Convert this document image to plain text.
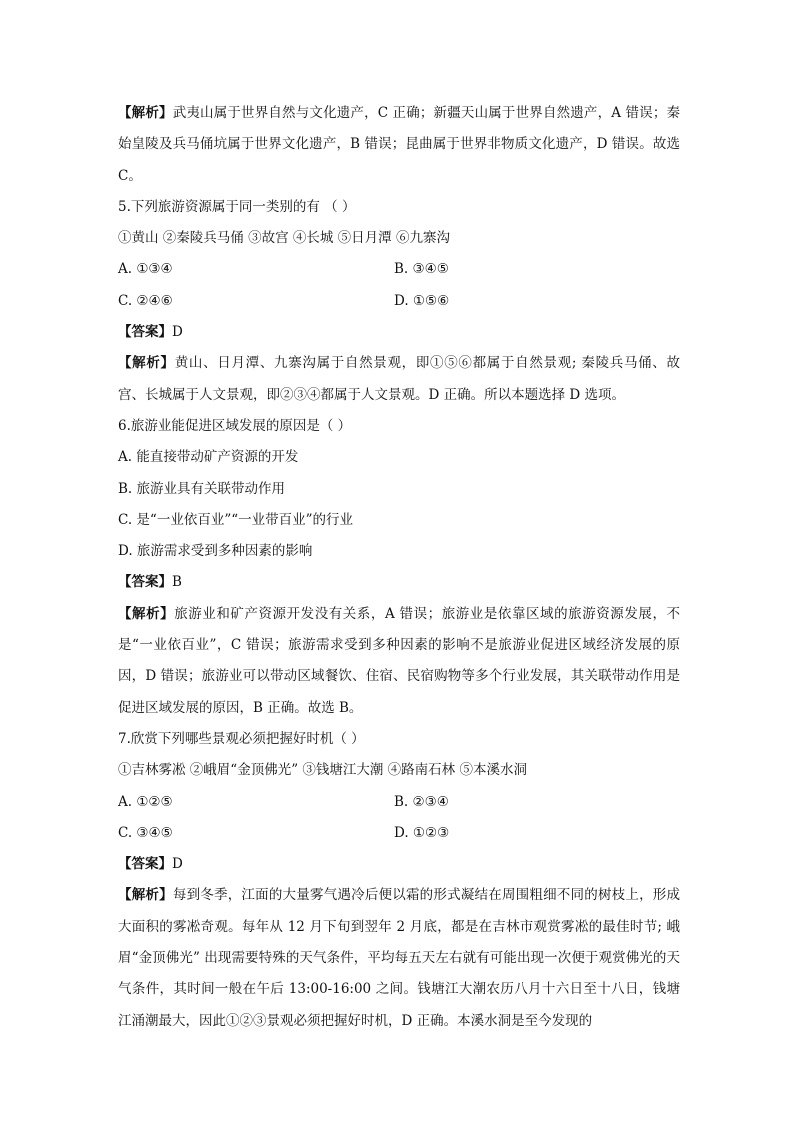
【解析】武夷山属于世界自然与文化遗产，C 正确；新疆天山属于世界自然遗产，A 错误；秦始皇陵及兵马俑坑属于世界文化遗产，B 错误；昆曲属于世界非物质文化遗产，D 错误。故选 C。
5.下列旅游资源属于同一类别的有 （ ）
①黄山 ②秦陵兵马俑 ③故宫 ④长城 ⑤日月潭 ⑥九寨沟
A. ①③④	B. ③④⑤
C. ②④⑥	D. ①⑤⑥
【答案】D
【解析】黄山、日月潭、九寨沟属于自然景观，即①⑤⑥都属于自然景观; 秦陵兵马俑、故宫、长城属于人文景观，即②③④都属于人文景观。D 正确。所以本题选择 D 选项。
6.旅游业能促进区域发展的原因是（ ）
A. 能直接带动矿产资源的开发
B. 旅游业具有关联带动作用
C. 是“一业依百业”“一业带百业”的行业
D. 旅游需求受到多种因素的影响
【答案】B
【解析】旅游业和矿产资源开发没有关系，A 错误；旅游业是依靠区域的旅游资源发展，不是“一业依百业”，C 错误；旅游需求受到多种因素的影响不是旅游业促进区域经济发展的原因，D 错误；旅游业可以带动区域餐饮、住宿、民宿购物等多个行业发展，其关联带动作用是促进区域发展的原因，B 正确。故选 B。
7.欣赏下列哪些景观必须把握好时机（ ）
①吉林雾凇 ②峨眉“金顶佛光” ③钱塘江大潮 ④路南石林 ⑤本溪水洞
A. ①②⑤	B. ②③④
C. ③④⑤	D. ①②③
【答案】D
【解析】每到冬季，江面的大量雾气遇冷后便以霜的形式凝结在周围粗细不同的树枝上，形成大面积的雾凇奇观。每年从 12 月下旬到翌年 2 月底，都是在吉林市观赏雾凇的最佳时节; 峨眉“金顶佛光” 出现需要特殊的天气条件，平均每五天左右就有可能出现一次便于观赏佛光的天气条件，其时间一般在午后 13:00-16:00 之间。钱塘江大潮农历八月十六日至十八日，钱塘江涌潮最大，因此①②③景观必须把握好时机，D 正确。本溪水洞是至今发现的
